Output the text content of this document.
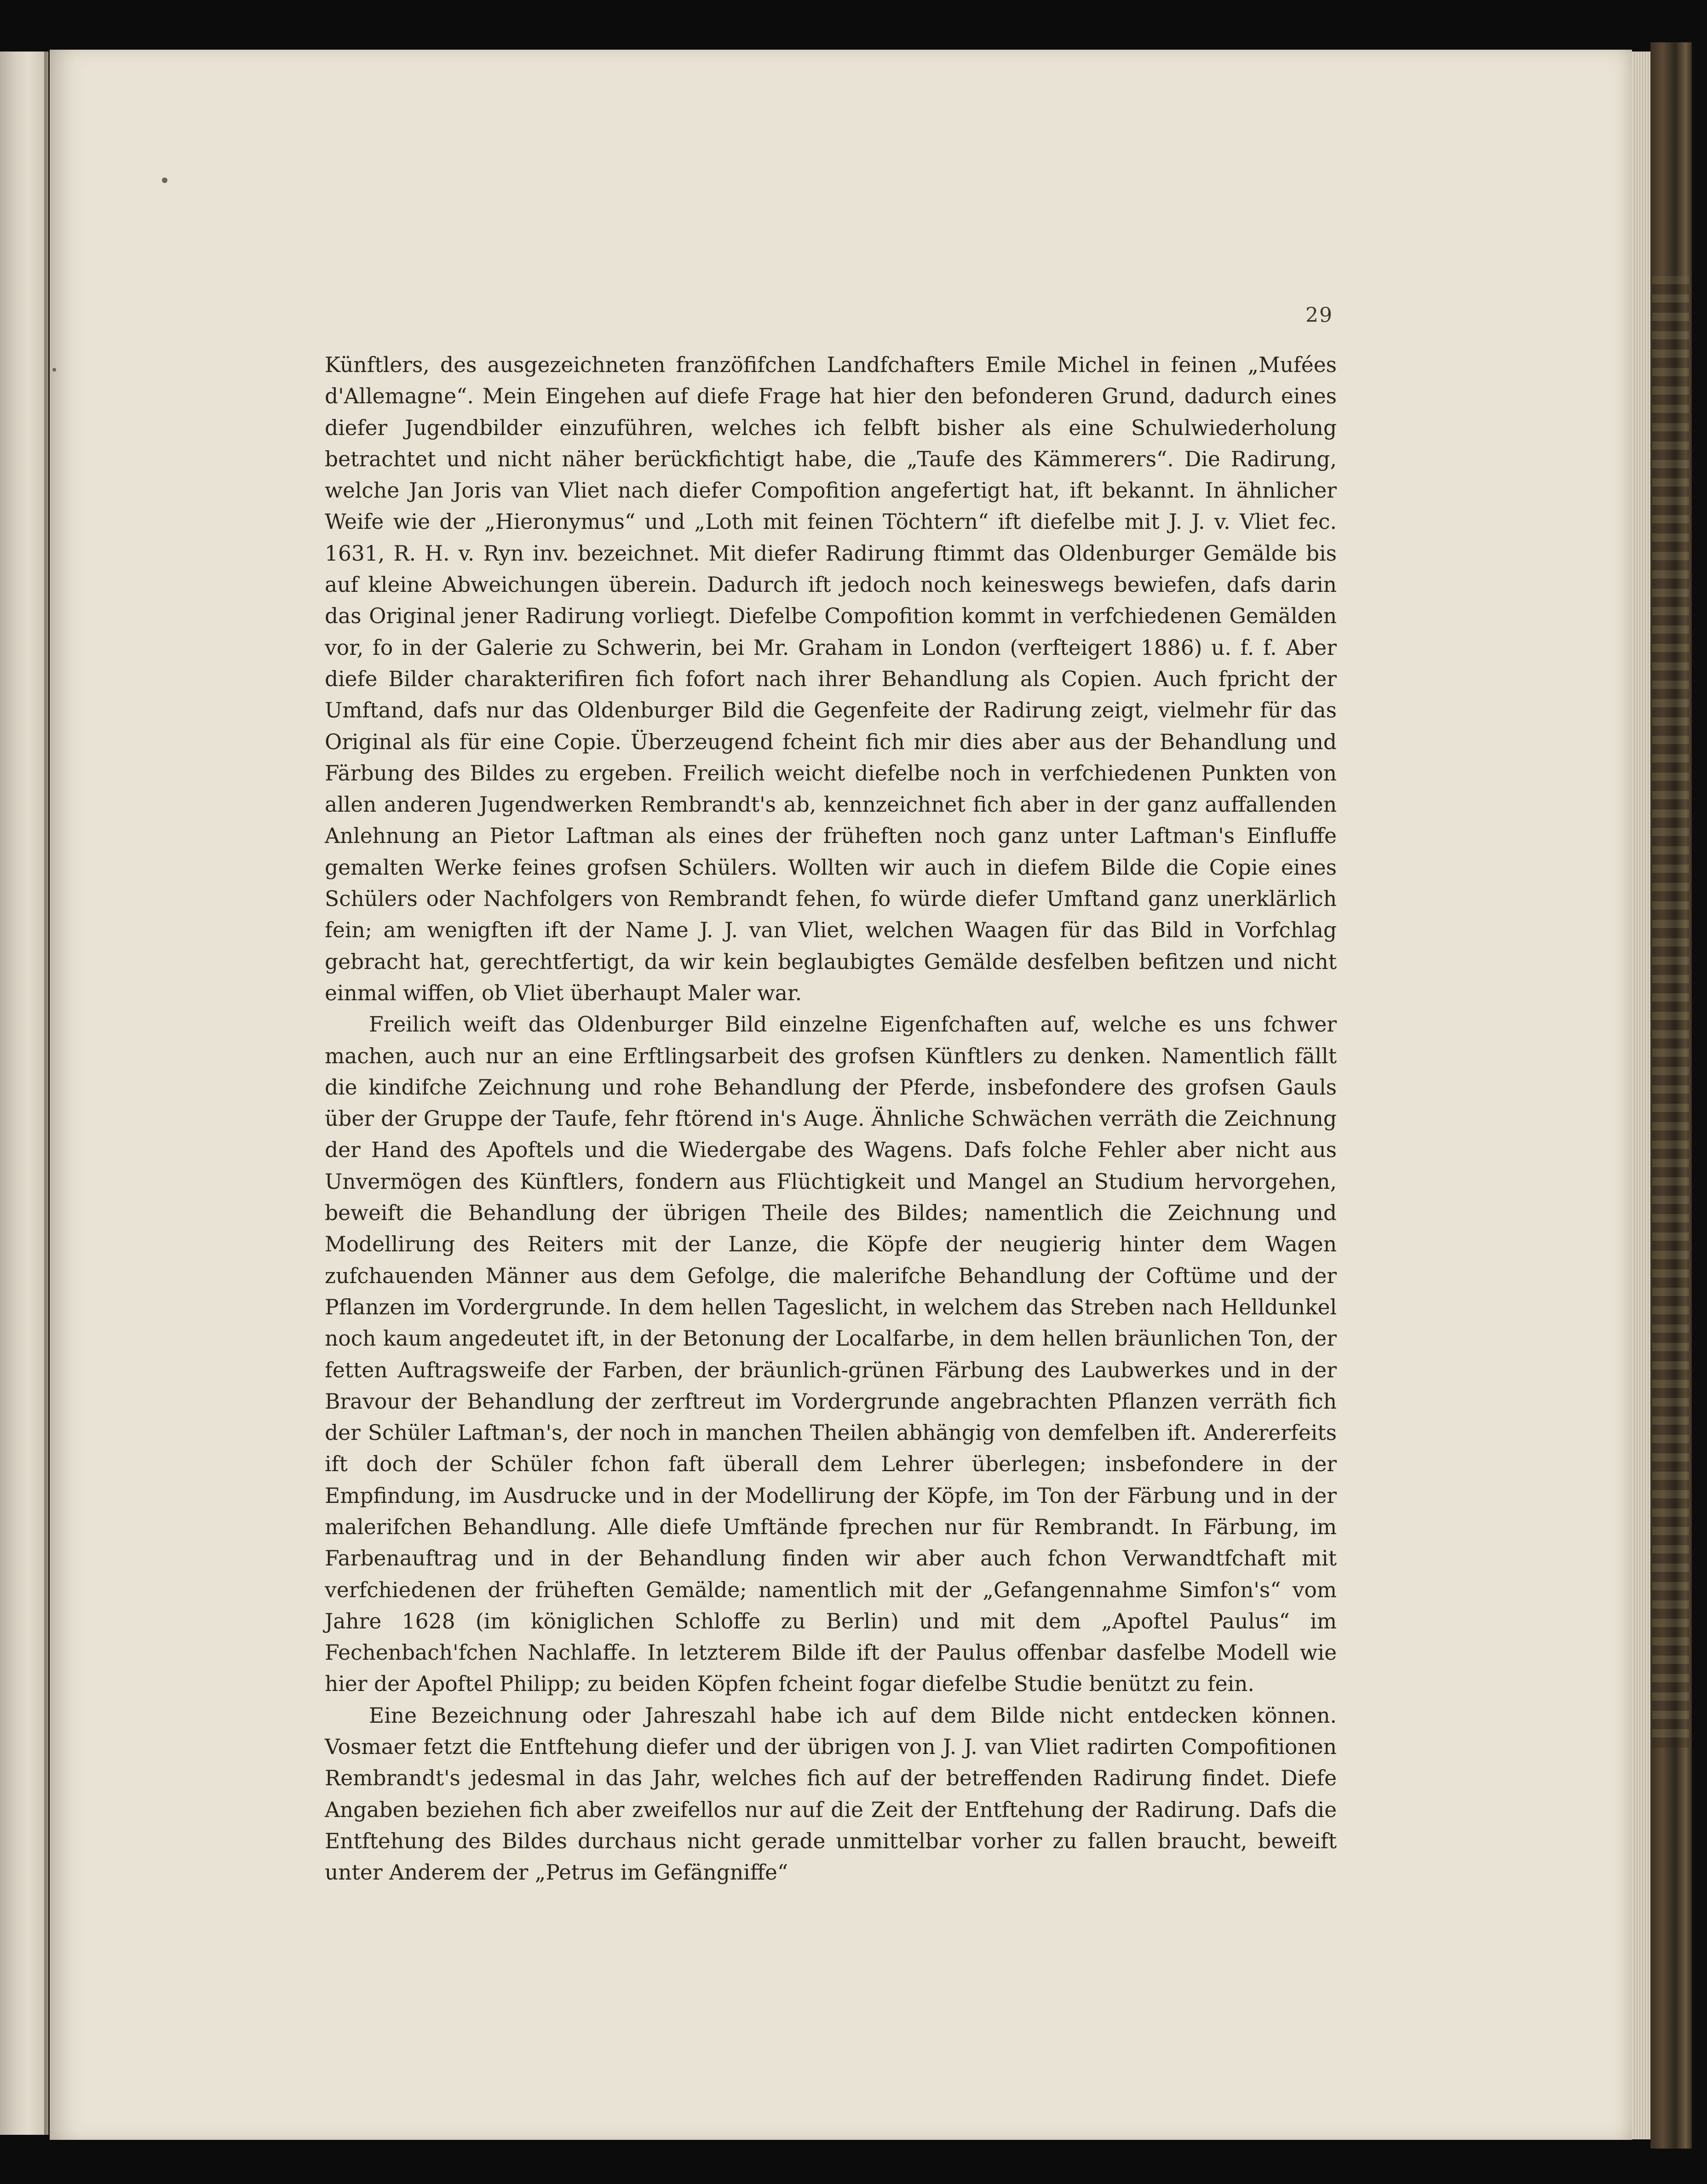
29

Künftlers, des ausgezeichneten franzöfifchen Landfchafters Emile Michel in feinen „Mufées d'Allemagne“. Mein Eingehen auf diefe Frage hat hier den befonderen Grund, dadurch eines diefer Jugendbilder einzuführen, welches ich felbft bisher als eine Schulwiederholung betrachtet und nicht näher berückfichtigt habe, die „Taufe des Kämmerers“. Die Radirung, welche Jan Joris van Vliet nach diefer Compofition angefertigt hat, ift bekannt. In ähnlicher Weife wie der „Hieronymus“ und „Loth mit feinen Töchtern“ ift diefelbe mit J. J. v. Vliet fec. 1631, R. H. v. Ryn inv. bezeichnet. Mit diefer Radirung ftimmt das Oldenburger Gemälde bis auf kleine Abweichungen überein. Dadurch ift jedoch noch keineswegs bewiefen, dafs darin das Original jener Radirung vorliegt. Diefelbe Compofition kommt in verfchiedenen Gemälden vor, fo in der Galerie zu Schwerin, bei Mr. Graham in London (verfteigert 1886) u. f. f. Aber diefe Bilder charakterifiren fich fofort nach ihrer Behandlung als Copien. Auch fpricht der Umftand, dafs nur das Oldenburger Bild die Gegenfeite der Radirung zeigt, vielmehr für das Original als für eine Copie. Überzeugend fcheint fich mir dies aber aus der Behandlung und Färbung des Bildes zu ergeben. Freilich weicht diefelbe noch in verfchiedenen Punkten von allen anderen Jugendwerken Rembrandt's ab, kennzeichnet fich aber in der ganz auffallenden Anlehnung an Pietor Laftman als eines der früheften noch ganz unter Laftman's Einfluffe gemalten Werke feines grofsen Schülers. Wollten wir auch in diefem Bilde die Copie eines Schülers oder Nachfolgers von Rembrandt fehen, fo würde diefer Umftand ganz unerklärlich fein; am wenigften ift der Name J. J. van Vliet, welchen Waagen für das Bild in Vorfchlag gebracht hat, gerechtfertigt, da wir kein beglaubigtes Gemälde desfelben befitzen und nicht einmal wiffen, ob Vliet überhaupt Maler war.

Freilich weift das Oldenburger Bild einzelne Eigenfchaften auf, welche es uns fchwer machen, auch nur an eine Erftlingsarbeit des grofsen Künftlers zu denken. Namentlich fällt die kindifche Zeichnung und rohe Behandlung der Pferde, insbefondere des grofsen Gauls über der Gruppe der Taufe, fehr ftörend in's Auge. Ähnliche Schwächen verräth die Zeichnung der Hand des Apoftels und die Wiedergabe des Wagens. Dafs folche Fehler aber nicht aus Unvermögen des Künftlers, fondern aus Flüchtigkeit und Mangel an Studium hervorgehen, beweift die Behandlung der übrigen Theile des Bildes; namentlich die Zeichnung und Modellirung des Reiters mit der Lanze, die Köpfe der neugierig hinter dem Wagen zufchauenden Männer aus dem Gefolge, die malerifche Behandlung der Coftüme und der Pflanzen im Vordergrunde. In dem hellen Tageslicht, in welchem das Streben nach Helldunkel noch kaum angedeutet ift, in der Betonung der Localfarbe, in dem hellen bräunlichen Ton, der fetten Auftragsweife der Farben, der bräunlich-grünen Färbung des Laubwerkes und in der Bravour der Behandlung der zerftreut im Vordergrunde angebrachten Pflanzen verräth fich der Schüler Laftman's, der noch in manchen Theilen abhängig von demfelben ift. Andererfeits ift doch der Schüler fchon faft überall dem Lehrer überlegen; insbefondere in der Empfindung, im Ausdrucke und in der Modellirung der Köpfe, im Ton der Färbung und in der malerifchen Behandlung. Alle diefe Umftände fprechen nur für Rembrandt. In Färbung, im Farbenauftrag und in der Behandlung finden wir aber auch fchon Verwandtfchaft mit verfchiedenen der früheften Gemälde; namentlich mit der „Gefangennahme Simfon's“ vom Jahre 1628 (im königlichen Schloffe zu Berlin) und mit dem „Apoftel Paulus“ im Fechenbach'fchen Nachlaffe. In letzterem Bilde ift der Paulus offenbar dasfelbe Modell wie hier der Apoftel Philipp; zu beiden Köpfen fcheint fogar diefelbe Studie benützt zu fein.

Eine Bezeichnung oder Jahreszahl habe ich auf dem Bilde nicht entdecken können. Vosmaer fetzt die Entftehung diefer und der übrigen von J. J. van Vliet radirten Compofitionen Rembrandt's jedesmal in das Jahr, welches fich auf der betreffenden Radirung findet. Diefe Angaben beziehen fich aber zweifellos nur auf die Zeit der Entftehung der Radirung. Dafs die Entftehung des Bildes durchaus nicht gerade unmittelbar vorher zu fallen braucht, beweift unter Anderem der „Petrus im Gefängniffe“
